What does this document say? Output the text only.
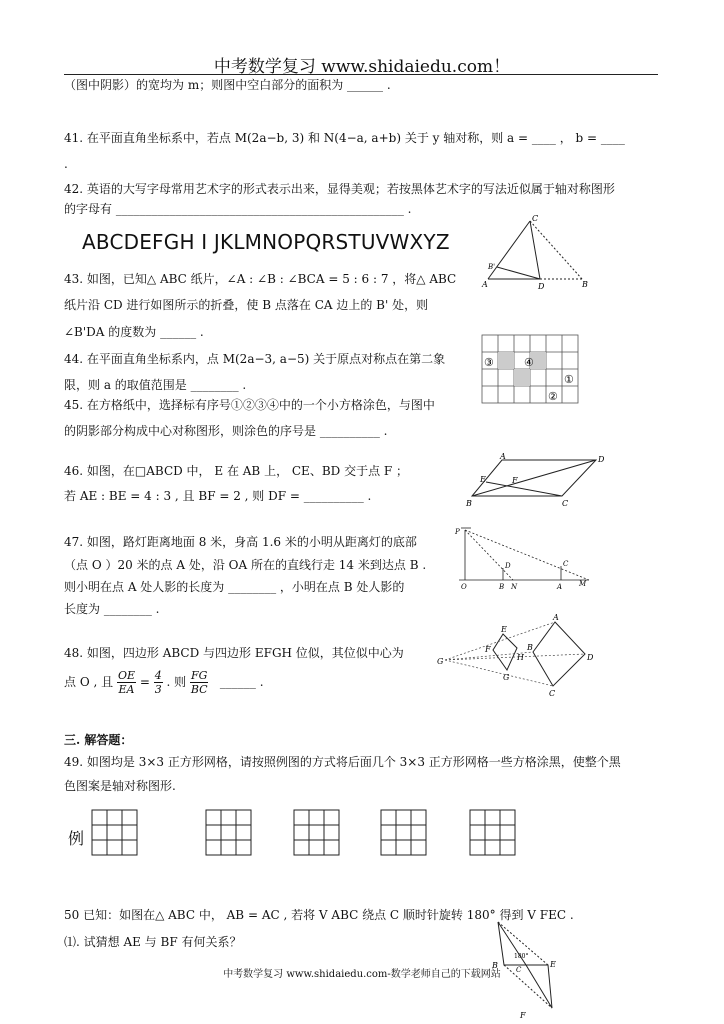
中考数学复习 www.shidaiedu.com！
（图中阴影）的宽均为 m；则图中空白部分的面积为 ______ .
41. 在平面直角坐标系中，若点 M(2a−b, 3) 和 N(4−a, a+b) 关于 y 轴对称，则 a = ____ ， b = ____
.
42. 英语的大写字母常用艺术字的形式表示出来，显得美观；若按黑体艺术字的写法近似属于轴对称图形
的字母有 ________________________________________________ .
ABCDEFGH I JKLMNOPQRSTUVWXYZ
C
A	D	B
B'
43. 如图，已知△ ABC 纸片，∠A : ∠B : ∠BCA = 5 : 6 : 7 ，将△ ABC
纸片沿 CD 进行如图所示的折叠，使 B 点落在 CA 边上的 B' 处，则
∠B'DA 的度数为 ______ .
44. 在平面直角坐标系内，点 M(2a−3, a−5) 关于原点对称点在第二象
限，则 a 的取值范围是 ________ .
③	④
①
②
45. 在方格纸中，选择标有序号①②③④中的一个小方格涂色，与图中
的阴影部分构成中心对称图形，则涂色的序号是 __________ .
A
B	C
D
E	F
46. 如图，在□ABCD 中， E 在 AB 上， CE、BD 交于点 F ；
若 AE : BE = 4 : 3 , 且 BF = 2 , 则 DF = __________ .
P
O	B N	A M
D	C
47. 如图，路灯距离地面 8 米，身高 1.6 米的小明从距离灯的底部
（点 O ）20 米的点 A 处，沿 OA 所在的直线行走 14 米到达点 B .
则小明在点 A 处人影的长度为 ________ ，小明在点 B 处人影的
长度为 ________ .
G
E
F
H
G
A
B
C
D
48. 如图，四边形 ABCD 与四边形 EFGH 位似，其位似中心为
点 O , 且 $\frac{OE}{EA} = \frac{4}{3}$ . 则 $\frac{FG}{BC}$ ______ .
三. 解答题：
49. 如图均是 3×3 正方形网格，请按照例图的方式将后面几个 3×3 正方形网格一些方格涂黑，使整个黑
色图案是轴对称图形.
例
50 已知：如图在△ ABC 中， AB = AC , 若将 V ABC 绕点 C 顺时针旋转 180° 得到 V FEC .
⑴. 试猜想 AE 与 BF 有何关系？
B	E
C
F
180°
中考数学复习 www.shidaiedu.com-数学老师自己的下载网站
